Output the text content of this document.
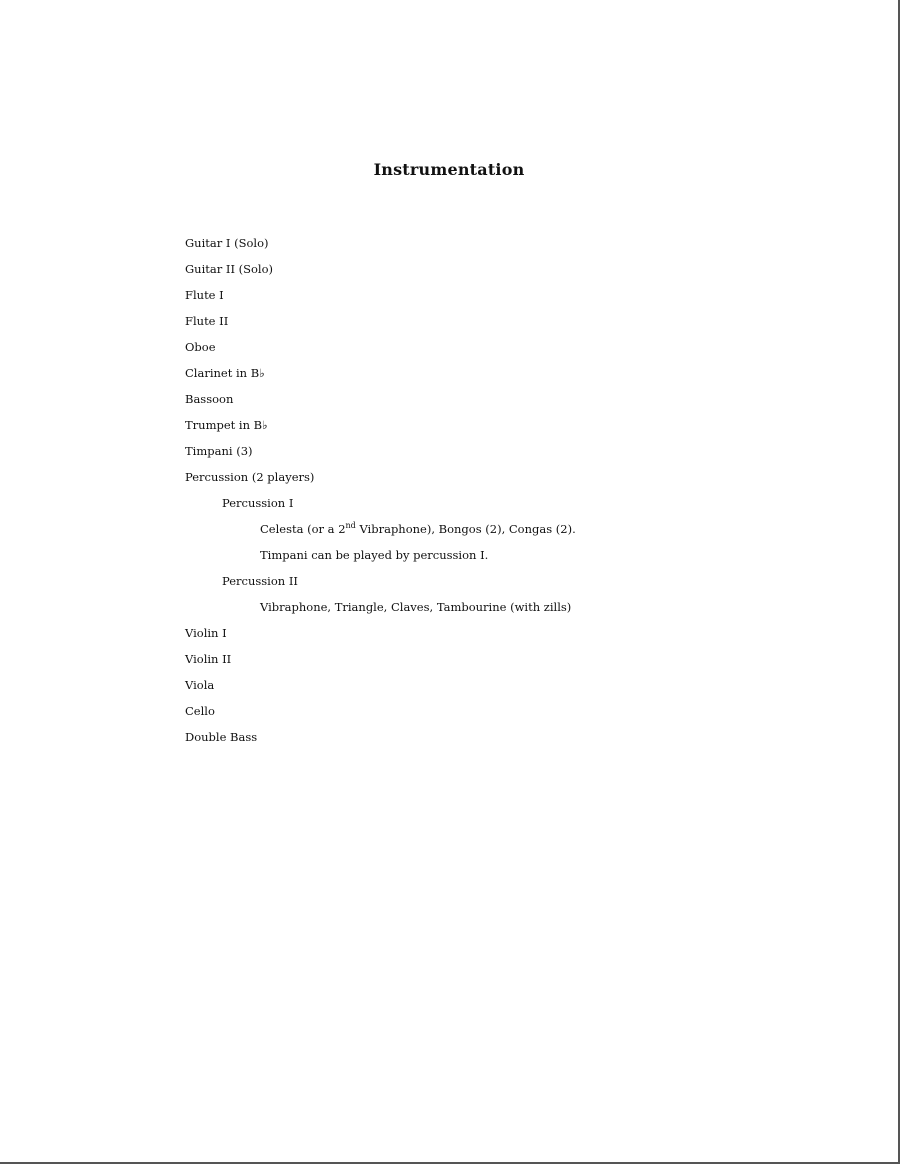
Instrumentation
Guitar I (Solo)
Guitar II (Solo)
Flute I
Flute II
Oboe
Clarinet in B♭
Bassoon
Trumpet in B♭
Timpani (3)
Percussion (2 players)
Percussion I
Celesta (or a 2nd Vibraphone), Bongos (2), Congas (2).
Timpani can be played by percussion I.
Percussion II
Vibraphone, Triangle, Claves, Tambourine (with zills)
Violin I
Violin II
Viola
Cello
Double Bass
